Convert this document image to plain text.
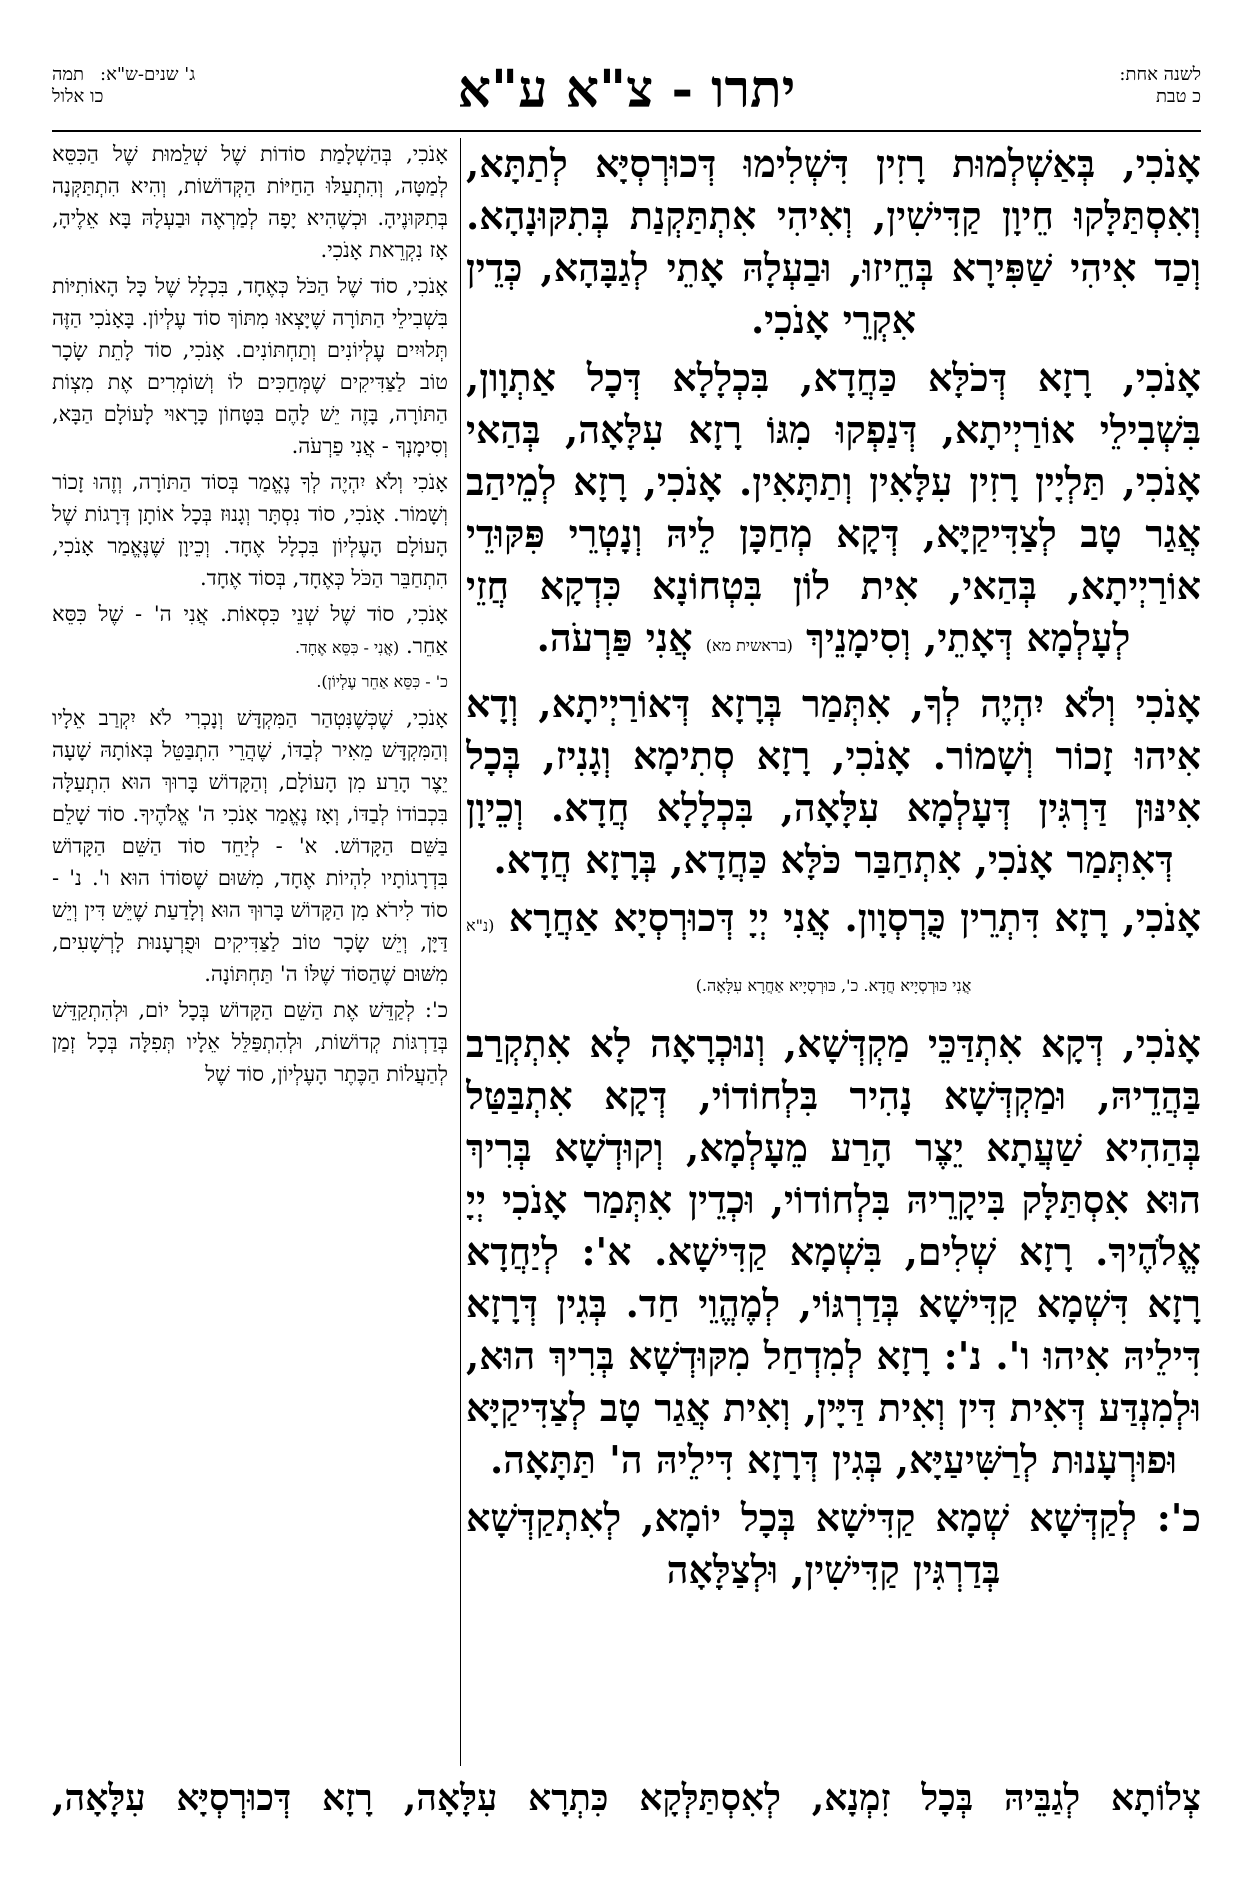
לשנה אחת:
כ טבת
יתרו - צ"א ע"א
ג' שנים-ש"א:
תמה
כו אלול

אָנֹכִי, בְּאַשְׁלְמוּת רָזִין דִּשְׁלִימוּ דְּכוּרְסְיָּא לְתַתָּא, וְאִסְתַּלָּקוּ חֵיוָן קַדִּישִׁין, וְאִיהִי אִתְתַּקְנַת בְּתִקּוּנָהָא. וְכַד אִיהִי שַׁפִּירָא בְּחֵיזוּ, וּבַעְלָהּ אָתֵי לְגַבָּהָא, כְּדֵין אִקְרֵי אָנֹכִי.

אָנֹכִי, רָזָא דְּכֹלָּא כַּחֲדָא, בִּכְלָלָא דְּכָל אַתְוָון, בִּשְׁבִילֵי אוֹרַיְיתָא, דְּנַפְקוּ מִגּוֹ רָזָא עִלָּאָה, בְּהַאי אָנֹכִי, תַּלְיָין רָזִין עִלָּאִין וְתַתָּאִין. אָנֹכִי, רָזָא לְמֵיהַב אֲגַר טָב לְצַדִּיקַיָּא, דְּקָא מְחַכָּן לֵיהּ וְנָטְרֵי פִּקּוּדֵי אוֹרַיְיתָא, בְּהַאי, אִית לוֹן בִּטְחוֹנָא כִּדְקָא חֲזֵי לְעָלְמָא דְּאָתֵי, וְסִימָנֵיךְ (בראשית מא) אֲנִי פַּרְעֹה.

אָנֹכִי וְלֹא יִהְיֶה לְךָ, אִתְּמַר בְּרָזָא דְּאוֹרַיְיתָא, וְדָא אִיהוּ זָכוֹר וְשָׁמוֹר. אָנֹכִי, רָזָא סְתִימָא וְגָנִיז, בְּכָל אִינּוּן דַּרְגִּין דְּעָלְמָא עִלָּאָה, בִּכְלָלָא חֲדָא. וְכֵיוָן דְּאִתְּמַר אָנֹכִי, אִתְחַבַּר כֹּלָּא כַּחֲדָא, בְּרָזָא חֲדָא.

אָנֹכִי, רָזָא דִּתְרֵין כֻּרְסְוָון. אֲנִי יְיָ דְּכוּרְסְיָא אַחֲרָא (נ"א אֲנִי כּוּרְסְיָיא חֲדָא. כ', כּוּרְסְיָיא אַחֲרָא עִלָּאָה.)

אָנֹכִי, דְּקָא אִתְדַּכֵּי מַקְדְּשָׁא, וְנוּכְרָאָה לָא אִתְקְרַב בַּהֲדֵיהּ, וּמַקְדְּשָׁא נָהִיר בִּלְחוֹדוֹי, דְּקָא אִתְבַּטַּל בְּהַהִיא שַׁעֲתָא יֵצֶר הָרַע מֵעָלְמָא, וְקוּדְשָׁא בְּרִיךְ הוּא אִסְתַּלָּק בִּיקָרֵיהּ בִּלְחוֹדוֹי, וּכְדֵין אִתְּמַר אָנֹכִי יְיָ אֱלֹהֶיךָ. רָזָא שְׁלִים, בִּשְׁמָא קַדִּישָׁא. א': לְיַחֲדָא רָזָא דִּשְׁמָא קַדִּישָׁא בְּדַרְגּוֹי, לְמֶהֱוֵי חַד. בְּגִין דְּרָזָא דִּילֵיהּ אִיהוּ ו'. נ': רָזָא לְמִדְחַל מִקּוּדְשָׁא בְּרִיךְ הוּא, וּלְמִנְדַּע דְּאִית דִּין וְאִית דַּיָּין, וְאִית אֲגַר טָב לְצַדִּיקַיָּא וּפוּרְעָנוּת לְרַשִּׁיעַיָּא, בְּגִין דְּרָזָא דִּילֵיהּ ה' תַּתָּאָה.

כ': לְקַדְּשָׁא שְׁמָא קַדִּישָׁא בְּכָל יוֹמָא, לְאִתְקַדְּשָׁא בְּדַרְגִּין קַדִּישִׁין, וּלְצַלָּאָה

אָנֹכִי, בְּהַשְׁלָמַת סוֹדוֹת שֶׁל שְׁלֵמוּת שֶׁל הַכִּסֵּא לְמַטָּה, וְהִתְעַלּוּ הַחַיּוֹת הַקְּדוֹשׁוֹת, וְהִיא הִתְתַּקְּנָה בְּתִקּוּנֶיהָ. וּכְשֶׁהִיא יָפָה לְמַרְאֶה וּבַעְלָהּ בָּא אֵלֶיהָ, אָז נִקְרֵאת אָנֹכִי.

אָנֹכִי, סוֹד שֶׁל הַכֹּל כְּאֶחָד, בִּכְלָל שֶׁל כָּל הָאוֹתִיּוֹת בִּשְׁבִילֵי הַתּוֹרָה שֶׁיָּצְאוּ מִתּוֹךְ סוֹד עֶלְיוֹן. בָּאָנֹכִי הַזֶּה תְּלוּיִים עֶלְיוֹנִים וְתַחְתּוֹנִים. אָנֹכִי, סוֹד לָתֵת שָׂכָר טוֹב לַצַּדִּיקִים שֶׁמְּחַכִּים לוֹ וְשׁוֹמְרִים אֶת מִצְוֹת הַתּוֹרָה, בָּזֶה יֵשׁ לָהֶם בִּטָּחוֹן כָּרָאוּי לָעוֹלָם הַבָּא, וְסִימָנְךָ - אֲנִי פַרְעֹה.

אָנֹכִי וְלֹא יִהְיֶה לְךָ נֶאֱמַר בְּסוֹד הַתּוֹרָה, וְזֶהוּ זָכוֹר וְשָׁמוֹר. אָנֹכִי, סוֹד נִסְתָּר וְגָנוּז בְּכָל אוֹתָן דְּרָגוֹת שֶׁל הָעוֹלָם הָעֶלְיוֹן בִּכְלָל אֶחָד. וְכֵיוָן שֶׁנֶּאֱמַר אָנֹכִי, הִתְחַבֵּר הַכֹּל כְּאֶחָד, בְּסוֹד אֶחָד.

אָנֹכִי, סוֹד שֶׁל שְׁנֵי כִּסְאוֹת. אֲנִי ה' - שֶׁל כִּסֵּא אַחֵר. (אֲנִי - כִּסֵּא אֶחָד.
כ' - כִּסֵּא אַחֵר עֶלְיוֹן).

אָנֹכִי, שֶׁכְּשֶׁנִּטְהַר הַמִּקְדָּשׁ וְנָכְרִי לֹא יִקְרַב אֵלָיו וְהַמִּקְדָּשׁ מֵאִיר לְבַדּוֹ, שֶׁהֲרֵי הִתְבַּטֵּל בְּאוֹתָהּ שָׁעָה יֵצֶר הָרַע מִן הָעוֹלָם, וְהַקָּדוֹשׁ בָּרוּךְ הוּא הִתְעַלָּה בִּכְבוֹדוֹ לְבַדּוֹ, וְאָז נֶאֱמַר אָנֹכִי ה' אֱלֹהֶיךָ. סוֹד שָׁלֵם בַּשֵּׁם הַקָּדוֹשׁ. א' - לְיַחֵד סוֹד הַשֵּׁם הַקָּדוֹשׁ בִּדְרָגוֹתָיו לִהְיוֹת אֶחָד, מִשּׁוּם שֶׁסּוֹדוֹ הוּא ו'. נ' - סוֹד לִירֹא מִן הַקָּדוֹשׁ בָּרוּךְ הוּא וְלָדַעַת שֶׁיֵּשׁ דִּין וְיֵשׁ דַּיָּן, וְיֵשׁ שָׂכָר טוֹב לַצַּדִּיקִים וּפֻרְעָנוּת לָרְשָׁעִים, מִשּׁוּם שֶׁהַסּוֹד שֶׁלּוֹ ה' תַּחְתּוֹנָה.

כ': לְקַדֵּשׁ אֶת הַשֵּׁם הַקָּדוֹשׁ בְּכָל יוֹם, וּלְהִתְקַדֵּשׁ בְּדַרְגּוֹת קְדוֹשׁוֹת, וּלְהִתְפַּלֵּל אֵלָיו תְּפִלָּה בְּכָל זְמַן לְהַעֲלוֹת הַכֶּתֶר הָעֶלְיוֹן, סוֹד שֶׁל

צְלוֹתָא לְגַבֵּיהּ בְּכָל זִמְנָא, לְאִסְתַּלְּקָא כִּתְרָא עִלָּאָה, רָזָא דְּכוּרְסְיָּא עִלָּאָה,
